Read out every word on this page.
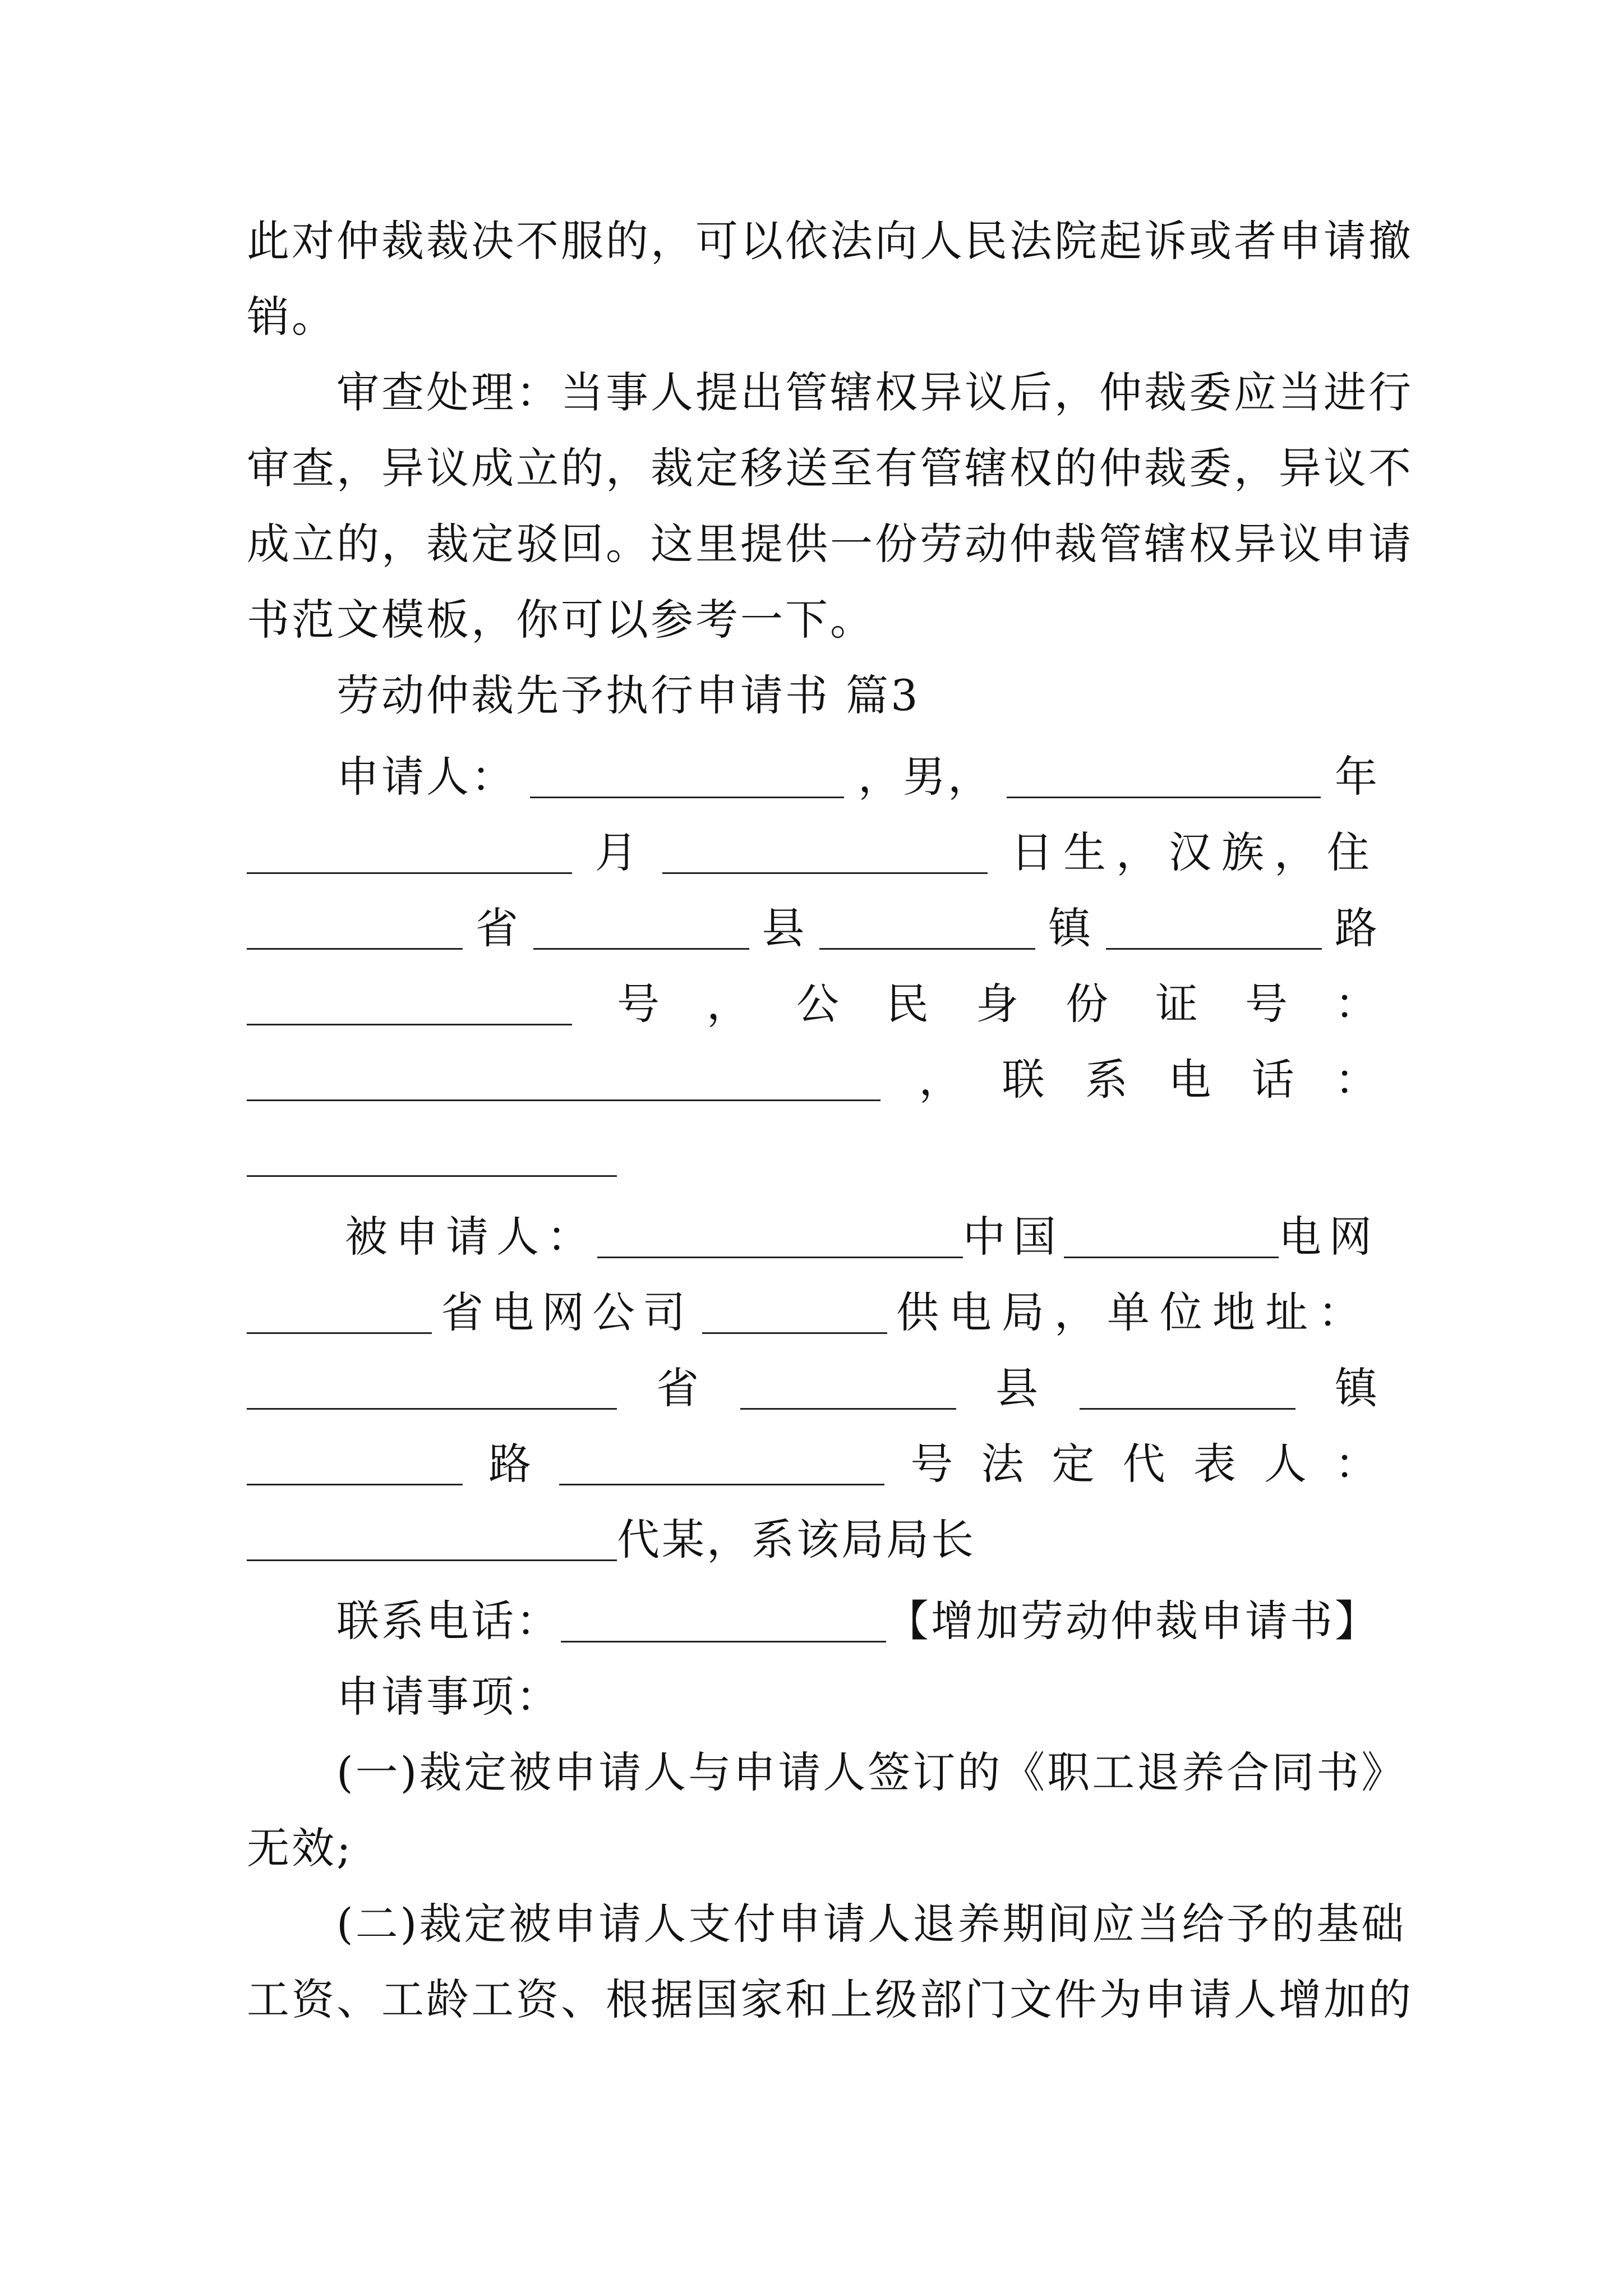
此对仲裁裁决不服的，可以依法向人民法院起诉或者申请撤
销。
审查处理：当事人提出管辖权异议后，仲裁委应当进行
审查，异议成立的，裁定移送至有管辖权的仲裁委，异议不
成立的，裁定驳回。这里提供一份劳动仲裁管辖权异议申请
书范文模板，你可以参考一下。
劳动仲裁先予执行申请书 篇3
申请人：	，男，	年
月	日生，汉族，住
省	县	镇	路
号 ， 公 民 身 份 证 号 ：
， 联 系 电 话 ：
被申请人：	中国	电网
省电网公司	供电局，单位地址：
省	县	镇
路	号 法 定 代 表 人 ：
代某，系该局局长
联系电话：	【增加劳动仲裁申请书】
申请事项：
(一)裁定被申请人与申请人签订的《职工退养合同书》
无效;
(二)裁定被申请人支付申请人退养期间应当给予的基础
工资、工龄工资、根据国家和上级部门文件为申请人增加的
